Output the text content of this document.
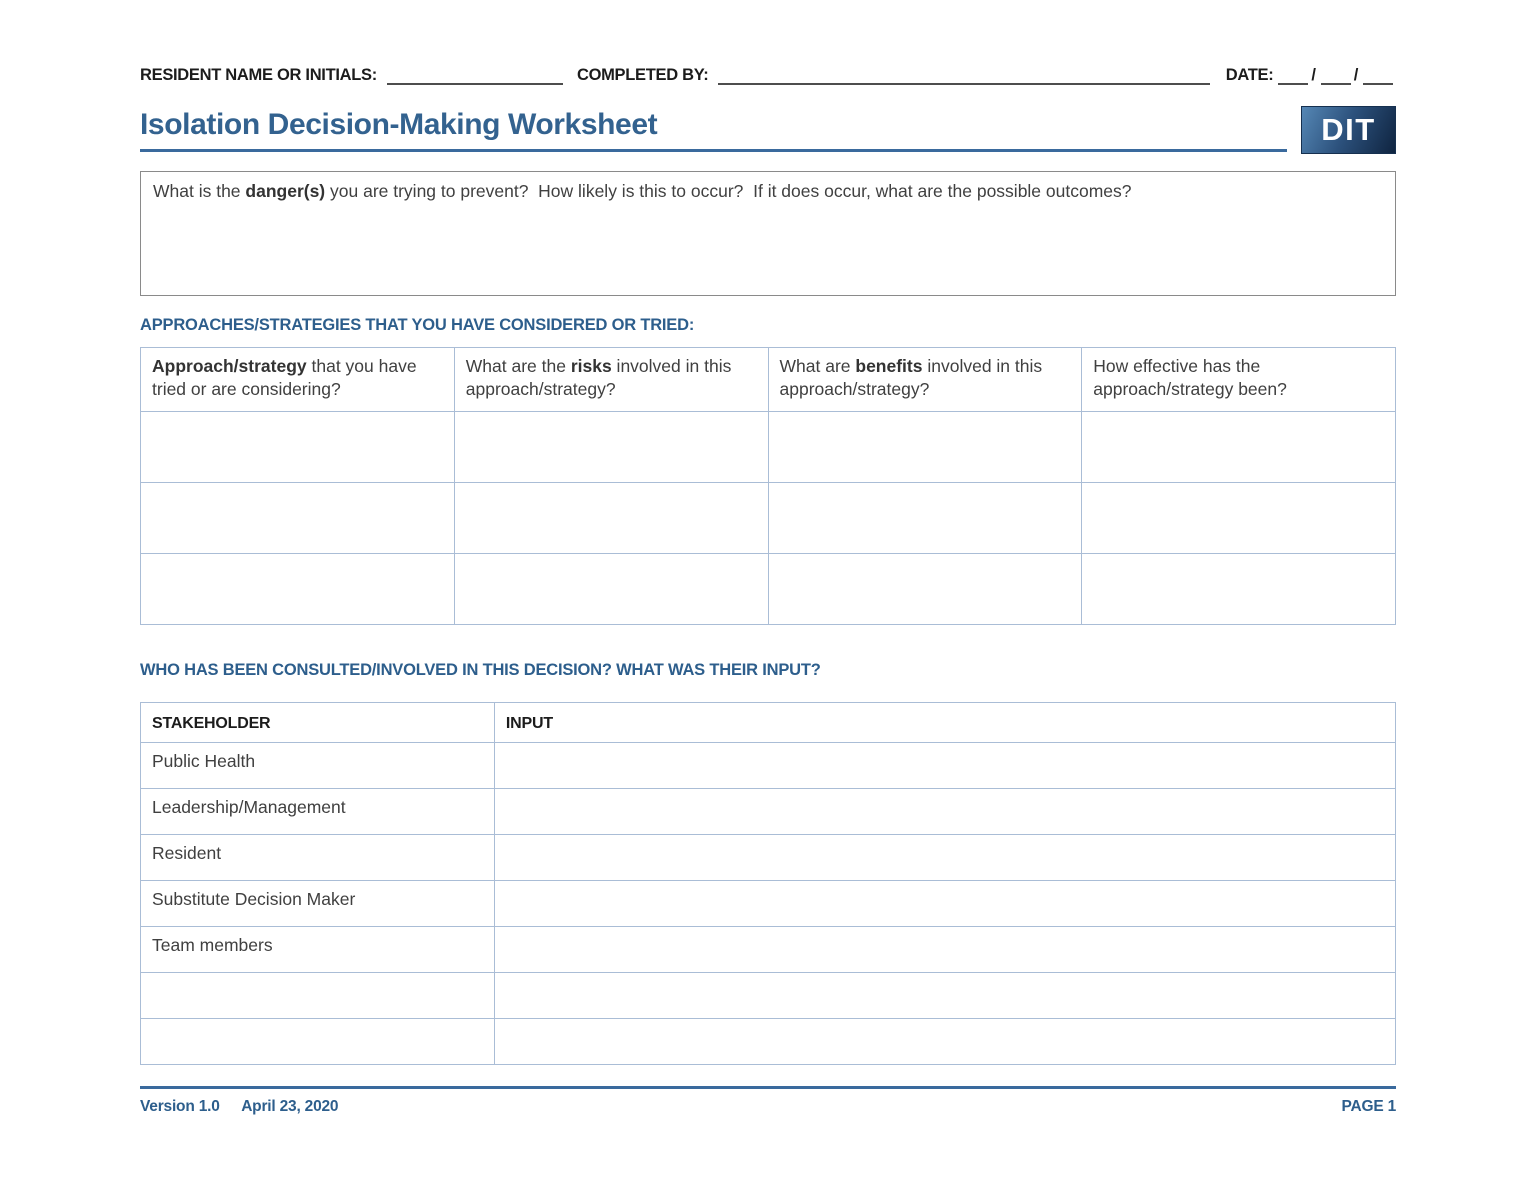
RESIDENT NAME OR INITIALS:	COMPLETED BY:	DATE: / /
Isolation Decision-Making Worksheet	DIT

What is the danger(s) you are trying to prevent?  How likely is this to occur?  If it does occur, what are the possible outcomes?

APPROACHES/STRATEGIES THAT YOU HAVE CONSIDERED OR TRIED:
Approach/strategy that you have tried or are considering?	What are the risks involved in this approach/strategy?	What are benefits involved in this approach/strategy?	How effective has the approach/strategy been?

WHO HAS BEEN CONSULTED/INVOLVED IN THIS DECISION? WHAT WAS THEIR INPUT?
STAKEHOLDER	INPUT
Public Health	
Leadership/Management	
Resident	
Substitute Decision Maker	
Team members	

Version 1.0 April 23, 2020	PAGE 1
